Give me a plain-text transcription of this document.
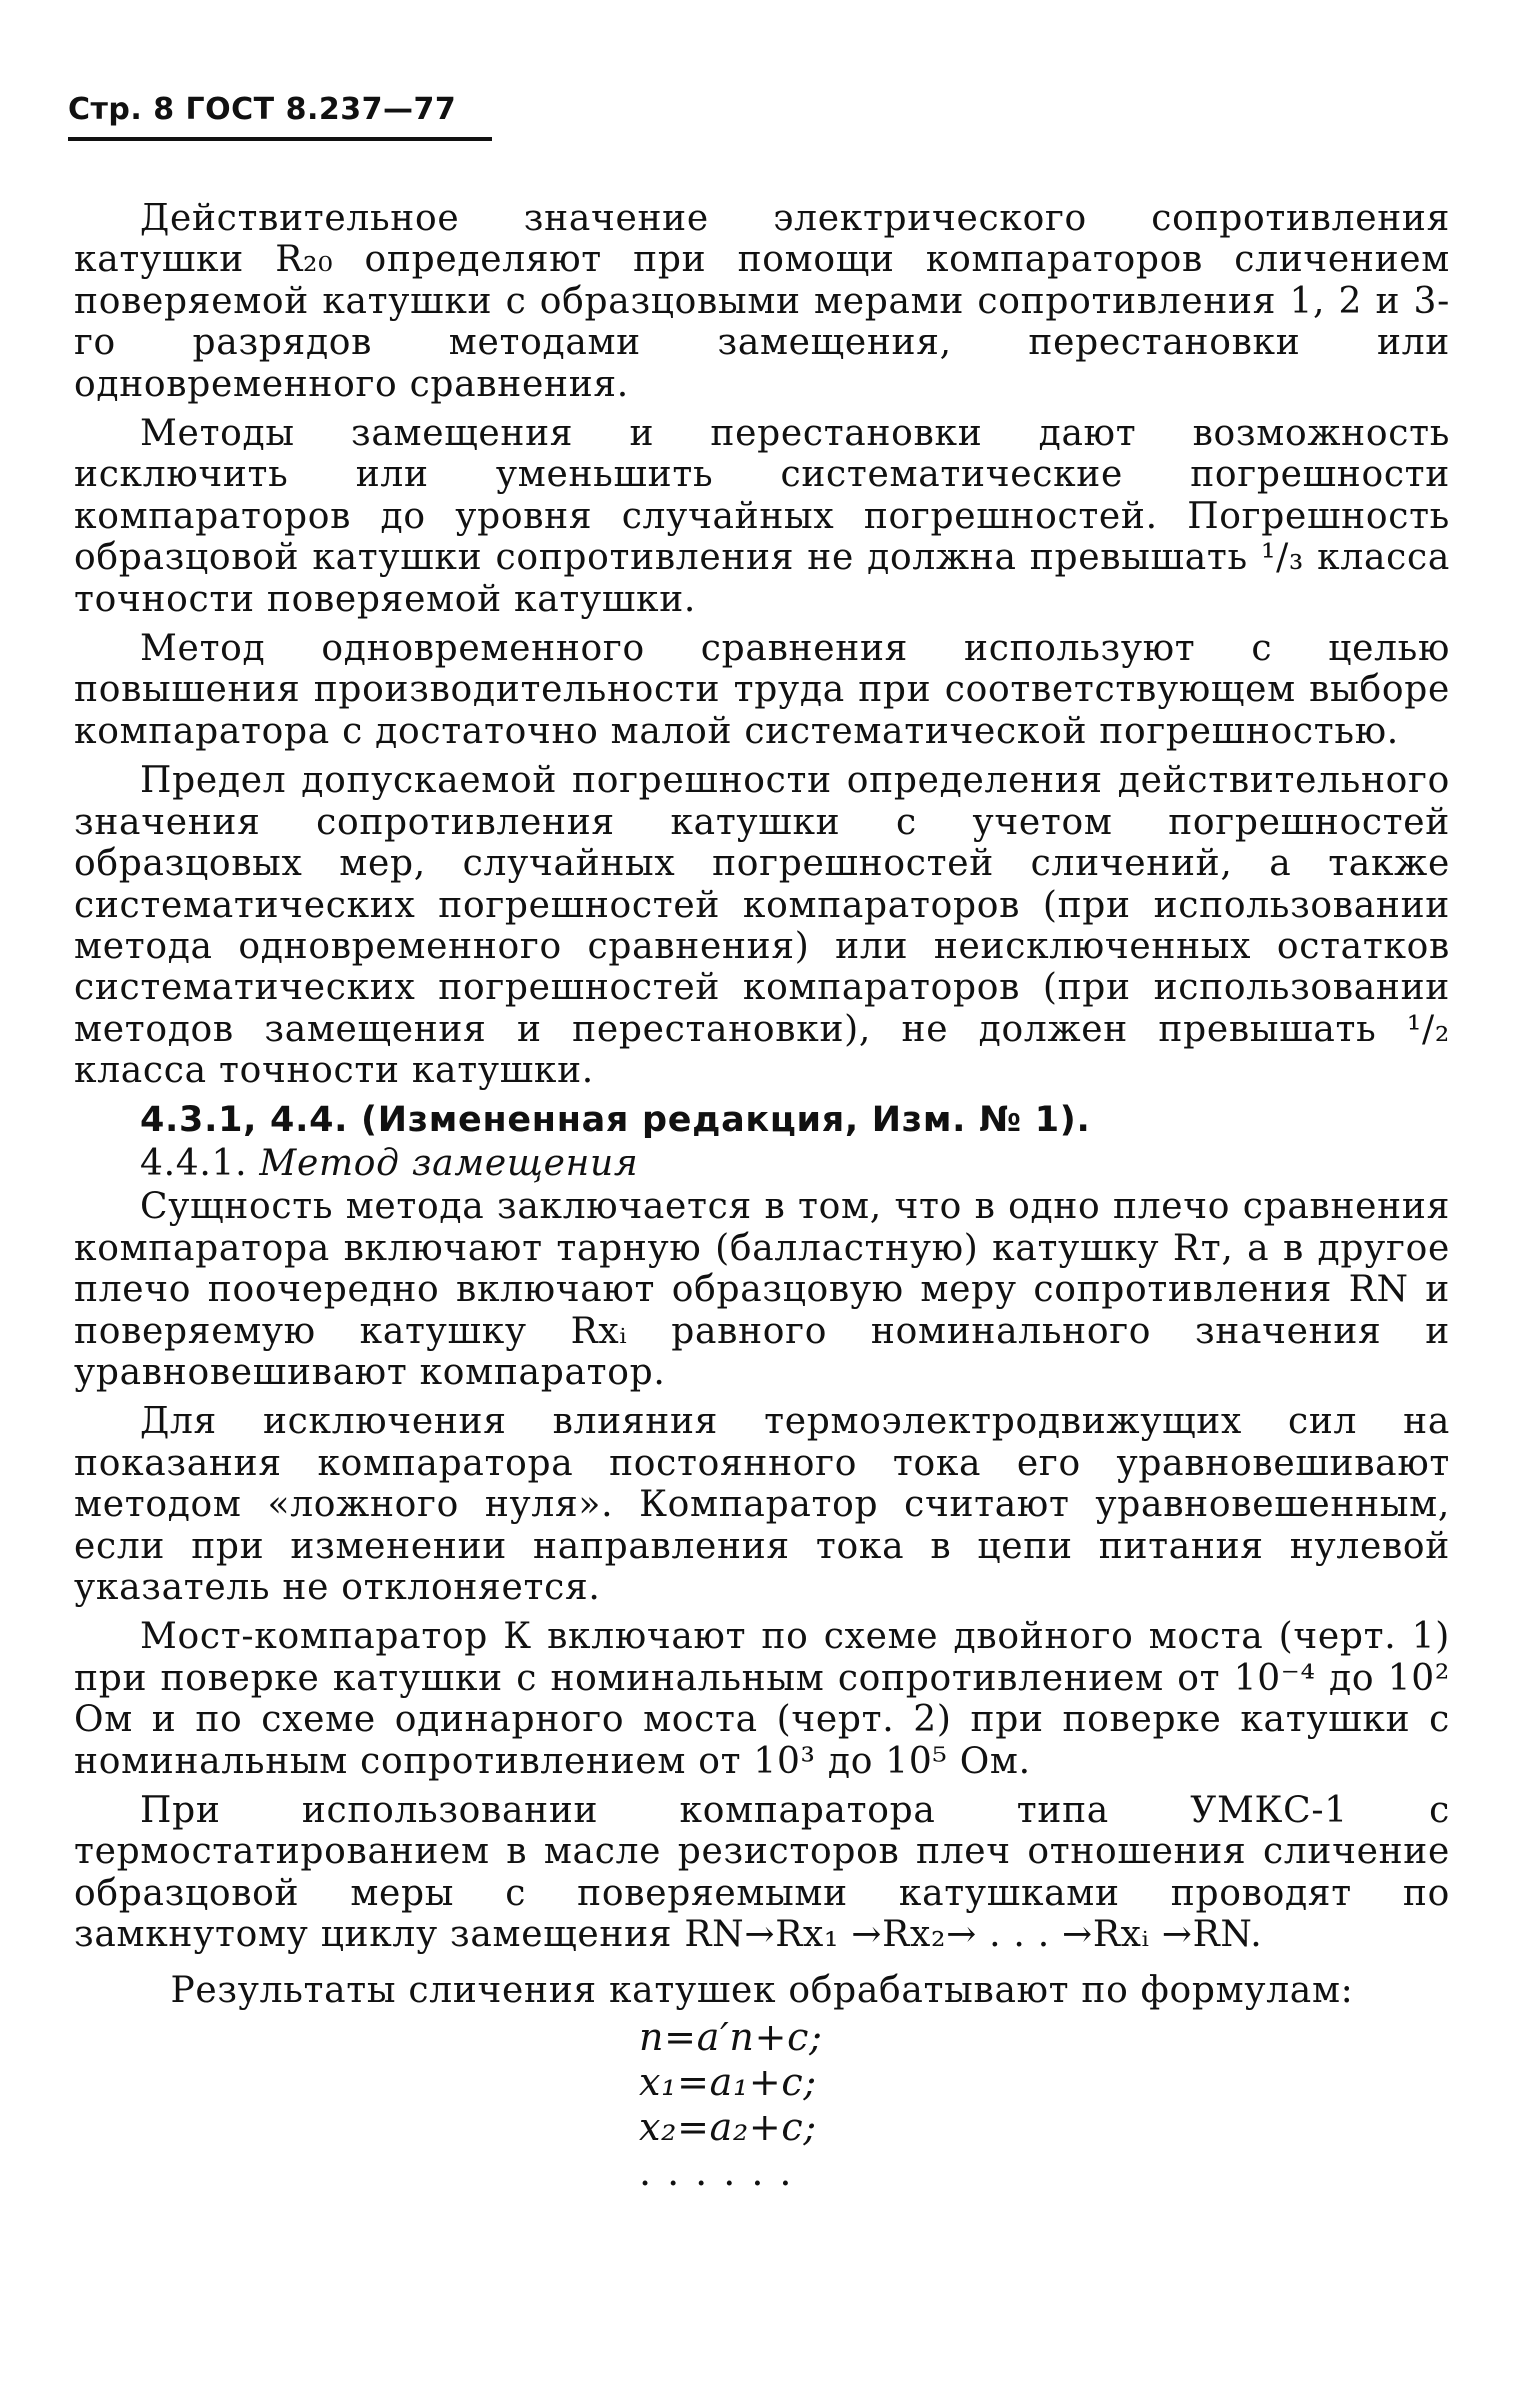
Стр. 8 ГОСТ 8.237—77

Действительное значение электрического сопротивления катушки R₂₀ определяют при помощи компараторов сличением поверяемой катушки с образцовыми мерами сопротивления 1, 2 и 3-го разрядов методами замещения, перестановки или одновременного сравнения.

Методы замещения и перестановки дают возможность исключить или уменьшить систематические погрешности компараторов до уровня случайных погрешностей. Погрешность образцовой катушки сопротивления не должна превышать ¹/₃ класса точности поверяемой катушки.

Метод одновременного сравнения используют с целью повышения производительности труда при соответствующем выборе компаратора с достаточно малой систематической погрешностью.

Предел допускаемой погрешности определения действительного значения сопротивления катушки с учетом погрешностей образцовых мер, случайных погрешностей сличений, а также систематических погрешностей компараторов (при использовании метода одновременного сравнения) или неисключенных остатков систематических погрешностей компараторов (при использовании методов замещения и перестановки), не должен превышать ¹/₂ класса точности катушки.

4.3.1, 4.4. (Измененная редакция, Изм. № 1).

4.4.1. Метод замещения

Сущность метода заключается в том, что в одно плечо сравнения компаратора включают тарную (балластную) катушку Rт, а в другое плечо поочередно включают образцовую меру сопротивления RN и поверяемую катушку Rxᵢ равного номинального значения и уравновешивают компаратор.

Для исключения влияния термоэлектродвижущих сил на показания компаратора постоянного тока его уравновешивают методом «ложного нуля». Компаратор считают уравновешенным, если при изменении направления тока в цепи питания нулевой указатель не отклоняется.

Мост-компаратор К включают по схеме двойного моста (черт. 1) при поверке катушки с номинальным сопротивлением от 10⁻⁴ до 10² Ом и по схеме одинарного моста (черт. 2) при поверке катушки с номинальным сопротивлением от 10³ до 10⁵ Ом.

При использовании компаратора типа УМКС-1 с термостатированием в масле резисторов плеч отношения сличение образцовой меры с поверяемыми катушками проводят по замкнутому циклу замещения RN→Rx₁ →Rx₂→ . . . →Rxᵢ →RN.

Результаты сличения катушек обрабатывают по формулам:

n=a′n+c;
x₁=a₁+c;
x₂=a₂+c;
......
